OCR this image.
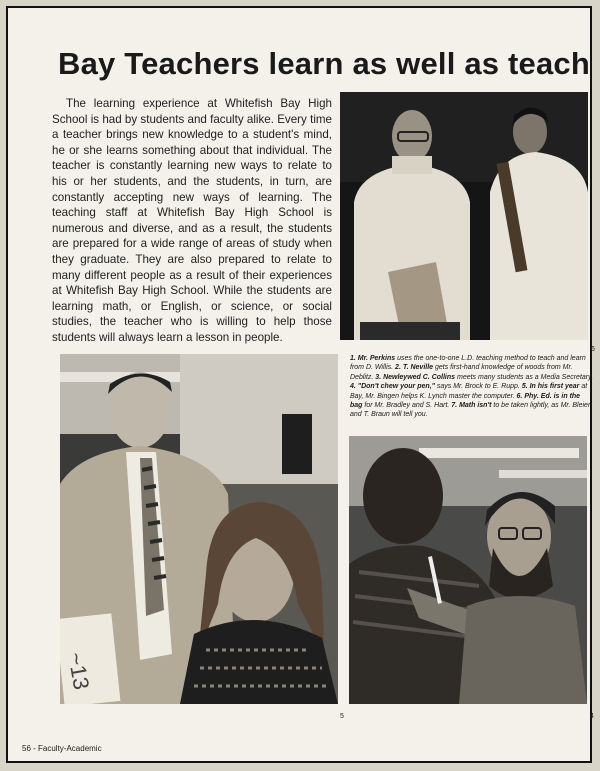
Bay Teachers learn as well as teach

The learning experience at Whitefish Bay High School is had by students and faculty alike. Every time a teacher brings new knowledge to a student's mind, he or she learns something about that individual. The teacher is constantly learning new ways to relate to his or her students, and the students, in turn, are constantly accepting new ways of learning. The teaching staff at Whitefish Bay High School is numerous and diverse, and as a result, the students are prepared for a wide range of areas of study when they graduate. They are also prepared to relate to many different people as a result of their experiences at Whitefish Bay High School. While the students are learning math, or English, or science, or social studies, the teacher who is willing to help those students will always learn a lesson in people.

6
~13
5

1. Mr. Perkins uses the one-to-one L.D. teaching method to teach and learn from D. Willis. 2. T. Neville gets first-hand knowledge of woods from Mr. Deblitz. 3. Newleywed C. Collins meets many students as a Media Secretary. 4. "Don't chew your pen," says Mr. Brock to E. Rupp. 5. In his first year at Bay, Mr. Bingen helps K. Lynch master the computer. 6. Phy. Ed. is in the bag for Mr. Bradley and S. Hart. 7. Math isn't to be taken lightly, as Mr. Bleier and T. Braun will tell you.

4
56 - Faculty-Academic
